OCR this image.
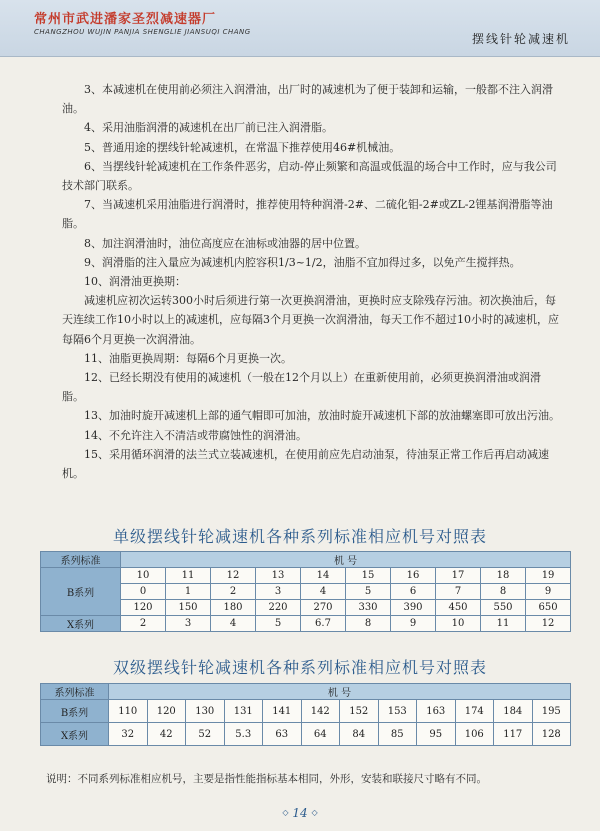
常州市武进潘家圣烈减速器厂
CHANGZHOU WUJIN PANJIA SHENGLIE JIANSUQI CHANG	摆线针轮减速机

3、本减速机在使用前必须注入润滑油，出厂时的减速机为了便于装卸和运输，一般都不注入润滑油。

4、采用油脂润滑的减速机在出厂前已注入润滑脂。

5、普通用途的摆线针轮减速机，在常温下推荐使用46#机械油。

6、当摆线针轮减速机在工作条件恶劣，启动-停止频繁和高温或低温的场合中工作时，应与我公司技术部门联系。

7、当减速机采用油脂进行润滑时，推荐使用特种润滑-2#、二硫化钼-2#或ZL-2锂基润滑脂等油脂。

8、加注润滑油时，油位高度应在油标或油器的居中位置。

9、润滑脂的注入量应为减速机内腔容积1/3~1/2，油脂不宜加得过多，以免产生搅拌热。

10、润滑油更换期：

减速机应初次运转300小时后须进行第一次更换润滑油，更换时应支除残存污油。初次换油后，每天连续工作10小时以上的减速机，应每隔3个月更换一次润滑油，每天工作不超过10小时的减速机，应每隔6个月更换一次润滑油。

11、油脂更换周期：每隔6个月更换一次。

12、已经长期没有使用的减速机（一般在12个月以上）在重新使用前，必须更换润滑油或润滑脂。

13、加油时旋开减速机上部的通气帽即可加油，放油时旋开减速机下部的放油螺塞即可放出污油。

14、不允许注入不清洁或带腐蚀性的润滑油。

15、采用循环润滑的法兰式立装减速机，在使用前应先启动油泵，待油泵正常工作后再启动减速机。

单级摆线针轮减速机各种系列标准相应机号对照表
系列标准	机 号									
B系列	10	11	12	13	14	15	16	17	18	19
	0	1	2	3	4	5	6	7	8	9
	120	150	180	220	270	330	390	450	550	650
X系列	2	3	4	5	6.7	8	9	10	11	12
双级摆线针轮减速机各种系列标准相应机号对照表
系列标准	机 号											
B系列	110	120	130	131	141	142	152	153	163	174	184	195
X系列	32	42	52	5.3	63	64	84	85	95	106	117	128
说明：不同系列标准相应机号，主要是指性能指标基本相同，外形，安装和联接尺寸略有不同。
◇ 14 ◇
